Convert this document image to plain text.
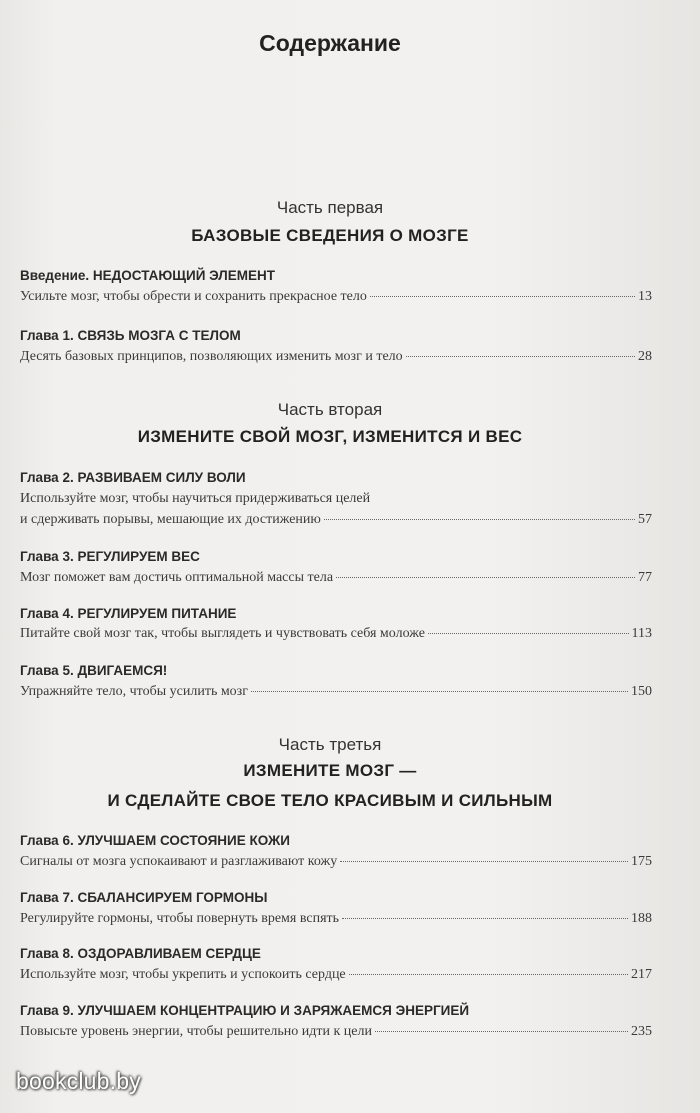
Содержание
Часть первая
БАЗОВЫЕ СВЕДЕНИЯ О МОЗГЕ
Введение. НЕДОСТАЮЩИЙ ЭЛЕМЕНТ
Усильте мозг, чтобы обрести и сохранить прекрасное тело	13
Глава 1. СВЯЗЬ МОЗГА С ТЕЛОМ
Десять базовых принципов, позволяющих изменить мозг и тело	28
Часть вторая
ИЗМЕНИТЕ СВОЙ МОЗГ, ИЗМЕНИТСЯ И ВЕС
Глава 2. РАЗВИВАЕМ СИЛУ ВОЛИ
Используйте мозг, чтобы научиться придерживаться целей
и сдерживать порывы, мешающие их достижению	57
Глава 3. РЕГУЛИРУЕМ ВЕС
Мозг поможет вам достичь оптимальной массы тела	77
Глава 4. РЕГУЛИРУЕМ ПИТАНИЕ
Питайте свой мозг так, чтобы выглядеть и чувствовать себя моложе	113
Глава 5. ДВИГАЕМСЯ!
Упражняйте тело, чтобы усилить мозг	150
Часть третья
ИЗМЕНИТЕ МОЗГ —
И СДЕЛАЙТЕ СВОЕ ТЕЛО КРАСИВЫМ И СИЛЬНЫМ
Глава 6. УЛУЧШАЕМ СОСТОЯНИЕ КОЖИ
Сигналы от мозга успокаивают и разглаживают кожу	175
Глава 7. СБАЛАНСИРУЕМ ГОРМОНЫ
Регулируйте гормоны, чтобы повернуть время вспять	188
Глава 8. ОЗДОРАВЛИВАЕМ СЕРДЦЕ
Используйте мозг, чтобы укрепить и успокоить сердце	217
Глава 9. УЛУЧШАЕМ КОНЦЕНТРАЦИЮ И ЗАРЯЖАЕМСЯ ЭНЕРГИЕЙ
Повысьте уровень энергии, чтобы решительно идти к цели	235
bookclub.by
